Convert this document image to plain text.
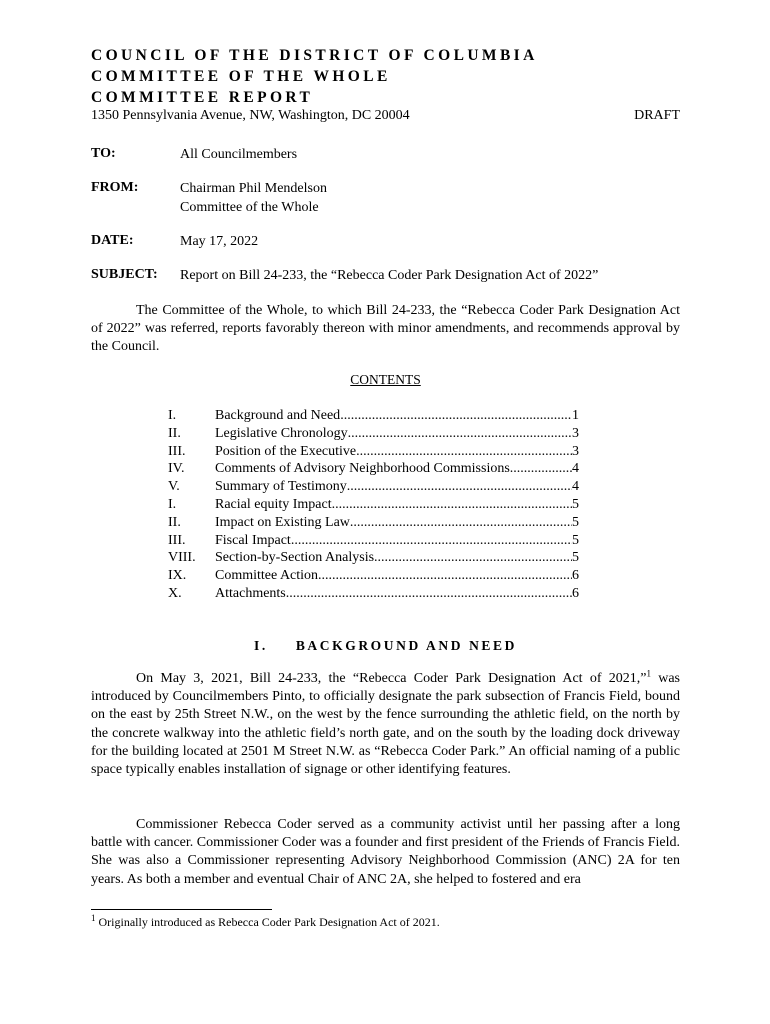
COUNCIL OF THE DISTRICT OF COLUMBIA
COMMITTEE OF THE WHOLE
COMMITTEE REPORT
1350 Pennsylvania Avenue, NW, Washington, DC 20004	DRAFT
TO:	All Councilmembers
FROM:	Chairman Phil Mendelson
Committee of the Whole
DATE:	May 17, 2022
SUBJECT: Report on Bill 24-233, the “Rebecca Coder Park Designation Act of 2022”

The Committee of the Whole, to which Bill 24-233, the “Rebecca Coder Park Designation Act of 2022” was referred, reports favorably thereon with minor amendments, and recommends approval by the Council.

CONTENTS
I.	Background and Need .....	1
II.	Legislative Chronology .....	3
III.	Position of the Executive .....	3
IV.	Comments of Advisory Neighborhood Commissions .....	4
V.	Summary of Testimony .....	4
I.	Racial equity Impact .....	5
II.	Impact on Existing Law .....	5
III.	Fiscal Impact .....	5
VIII.	Section-by-Section Analysis .....	5
IX.	Committee Action .....	6
X.	Attachments .....	6
I. BACKGROUND AND NEED

On May 3, 2021, Bill 24-233, the “Rebecca Coder Park Designation Act of 2021,”$^1$ was introduced by Councilmembers Pinto, to officially designate the park subsection of Francis Field, bound on the east by 25th Street N.W., on the west by the fence surrounding the athletic field, on the north by the concrete walkway into the athletic field’s north gate, and on the south by the loading dock driveway for the building located at 2501 M Street N.W. as “Rebecca Coder Park.” An official naming of a public space typically enables installation of signage or other identifying features.

Commissioner Rebecca Coder served as a community activist until her passing after a long battle with cancer. Commissioner Coder was a founder and first president of the Friends of Francis Field. She was also a Commissioner representing Advisory Neighborhood Commission (ANC) 2A for ten years. As both a member and eventual Chair of ANC 2A, she helped to fostered and era

$^1$ Originally introduced as Rebecca Coder Park Designation Act of 2021.
